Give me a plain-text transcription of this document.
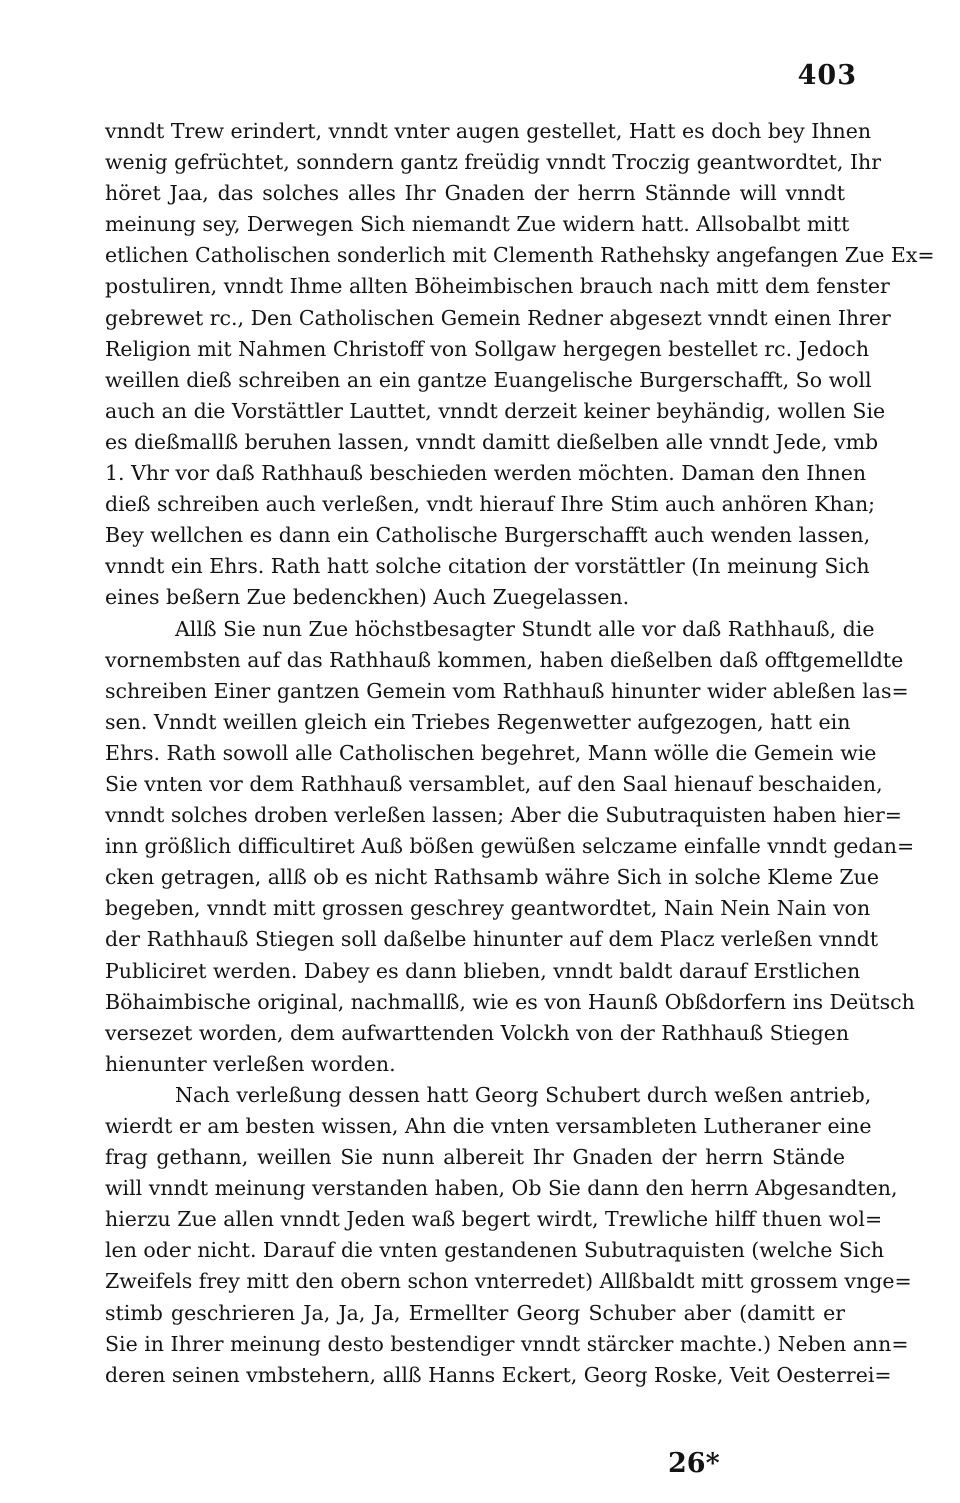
403
vnndt Trew erindert, vnndt vnter augen gestellet, Hatt es doch bey Ihnen
wenig gefrüchtet, sonndern gantz freüdig vnndt Troczig geantwordtet, Ihr
höret Jaa, das solches alles Ihr Gnaden der herrn Stännde will vnndt
meinung sey, Derwegen Sich niemandt Zue widern hatt. Allsobalbt mitt
etlichen Catholischen sonderlich mit Clementh Rathehsky angefangen Zue Ex=
postuliren, vnndt Ihme allten Böheimbischen brauch nach mitt dem fenster
gebrewet rc., Den Catholischen Gemein Redner abgesezt vnndt einen Ihrer
Religion mit Nahmen Christoff von Sollgaw hergegen bestellet rc. Jedoch
weillen dieß schreiben an ein gantze Euangelische Burgerschafft, So woll
auch an die Vorstättler Lauttet, vnndt derzeit keiner beyhändig, wollen Sie
es dießmallß beruhen lassen, vnndt damitt dießelben alle vnndt Jede, vmb
1. Vhr vor daß Rathhauß beschieden werden möchten. Daman den Ihnen
dieß schreiben auch verleßen, vndt hierauf Ihre Stim auch anhören Khan;
Bey wellchen es dann ein Catholische Burgerschafft auch wenden lassen,
vnndt ein Ehrs. Rath hatt solche citation der vorstättler (In meinung Sich
eines beßern Zue bedenckhen) Auch Zuegelassen.
Allß Sie nun Zue höchstbesagter Stundt alle vor daß Rathhauß, die
vornembsten auf das Rathhauß kommen, haben dießelben daß offtgemelldte
schreiben Einer gantzen Gemein vom Rathhauß hinunter wider ableßen las=
sen. Vnndt weillen gleich ein Triebes Regenwetter aufgezogen, hatt ein
Ehrs. Rath sowoll alle Catholischen begehret, Mann wölle die Gemein wie
Sie vnten vor dem Rathhauß versamblet, auf den Saal hienauf beschaiden,
vnndt solches droben verleßen lassen; Aber die Subutraquisten haben hier=
inn größlich difficultiret Auß bößen gewüßen selczame einfalle vnndt gedan=
cken getragen, allß ob es nicht Rathsamb währe Sich in solche Kleme Zue
begeben, vnndt mitt grossen geschrey geantwordtet, Nain Nein Nain von
der Rathhauß Stiegen soll daßelbe hinunter auf dem Placz verleßen vnndt
Publiciret werden. Dabey es dann blieben, vnndt baldt darauf Erstlichen
Böhaimbische original, nachmallß, wie es von Haunß Obßdorfern ins Deütsch
versezet worden, dem aufwarttenden Volckh von der Rathhauß Stiegen
hienunter verleßen worden.
Nach verleßung dessen hatt Georg Schubert durch weßen antrieb,
wierdt er am besten wissen, Ahn die vnten versambleten Lutheraner eine
frag gethann, weillen Sie nunn albereit Ihr Gnaden der herrn Stände
will vnndt meinung verstanden haben, Ob Sie dann den herrn Abgesandten,
hierzu Zue allen vnndt Jeden waß begert wirdt, Trewliche hilff thuen wol=
len oder nicht. Darauf die vnten gestandenen Subutraquisten (welche Sich
Zweifels frey mitt den obern schon vnterredet) Allßbaldt mitt grossem vnge=
stimb geschrieren Ja, Ja, Ja, Ermellter Georg Schuber aber (damitt er
Sie in Ihrer meinung desto bestendiger vnndt stärcker machte.) Neben ann=
deren seinen vmbstehern, allß Hanns Eckert, Georg Roske, Veit Oesterrei=
26*
